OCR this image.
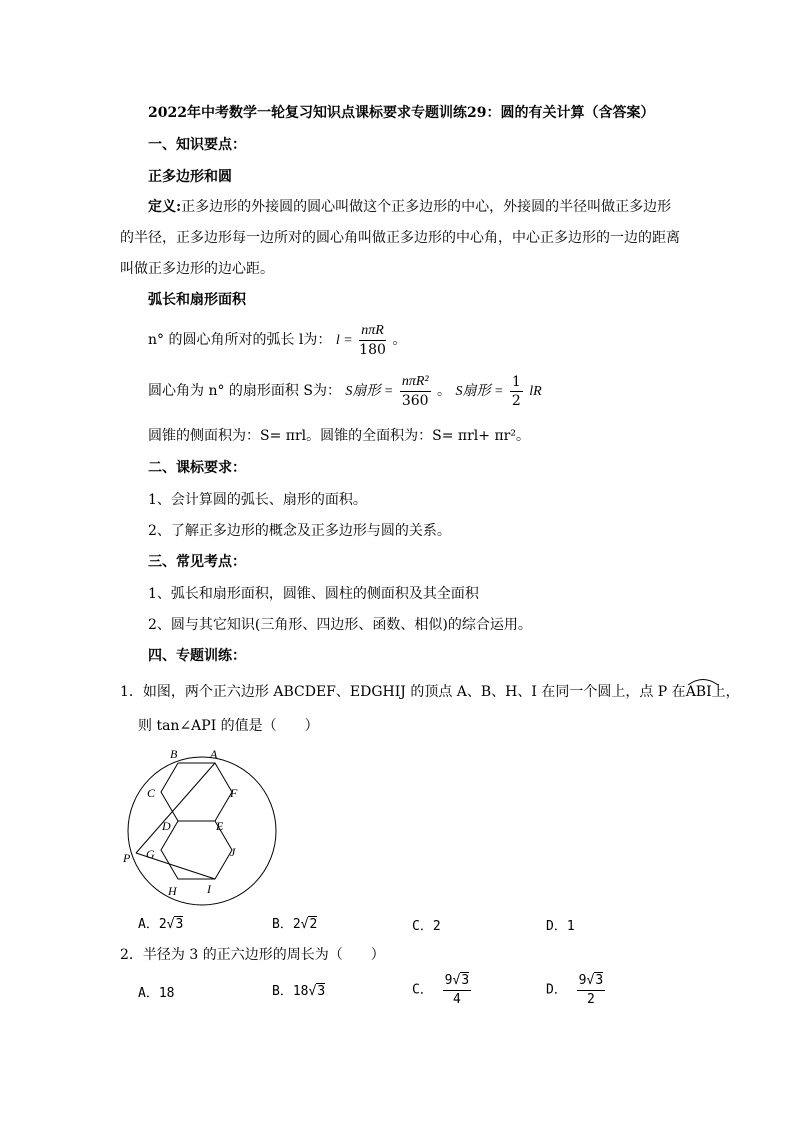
2022年中考数学一轮复习知识点课标要求专题训练29：圆的有关计算（含答案）
一、知识要点：
正多边形和圆
定义:正多边形的外接圆的圆心叫做这个正多边形的中心，外接圆的半径叫做正多边形的半径，正多边形每一边所对的圆心角叫做正多边形的中心角，中心正多边形的一边的距离叫做正多边形的边心距。
弧长和扇形面积
n° 的圆心角所对的弧长 l为： $l = \frac{\text{nπR}}{180}$ 。
圆心角为 n° 的扇形面积 S为： S扇形 = $\frac{\text{nπR²}}{360}$ 。 S扇形 = $\frac{1}{2}$ lR
圆锥的侧面积为：S= πrl。圆锥的全面积为：S= πrl+ πr²。
二、课标要求：
1、会计算圆的弧长、扇形的面积。
2、了解正多边形的概念及正多边形与圆的关系。
三、常见考点：
1、弧长和扇形面积，圆锥、圆柱的侧面积及其全面积
2、圆与其它知识(三角形、四边形、函数、相似)的综合运用。
四、专题训练：
1．如图，两个正六边形 ABCDEF、EDGHIJ 的顶点 A、B、H、I 在同一个圆上，点 P 在
ABI上，
则 tan∠API 的值是（　　）
B	A
C	F
D	E
P G	J
H	I
A．2√3	B．2√2	C．2	D．1
2．半径为 3 的正六边形的周长为（　　）
A．18	B．18√3	C． $\frac{9√3}{4}$	D． $\frac{9√3}{2}$
